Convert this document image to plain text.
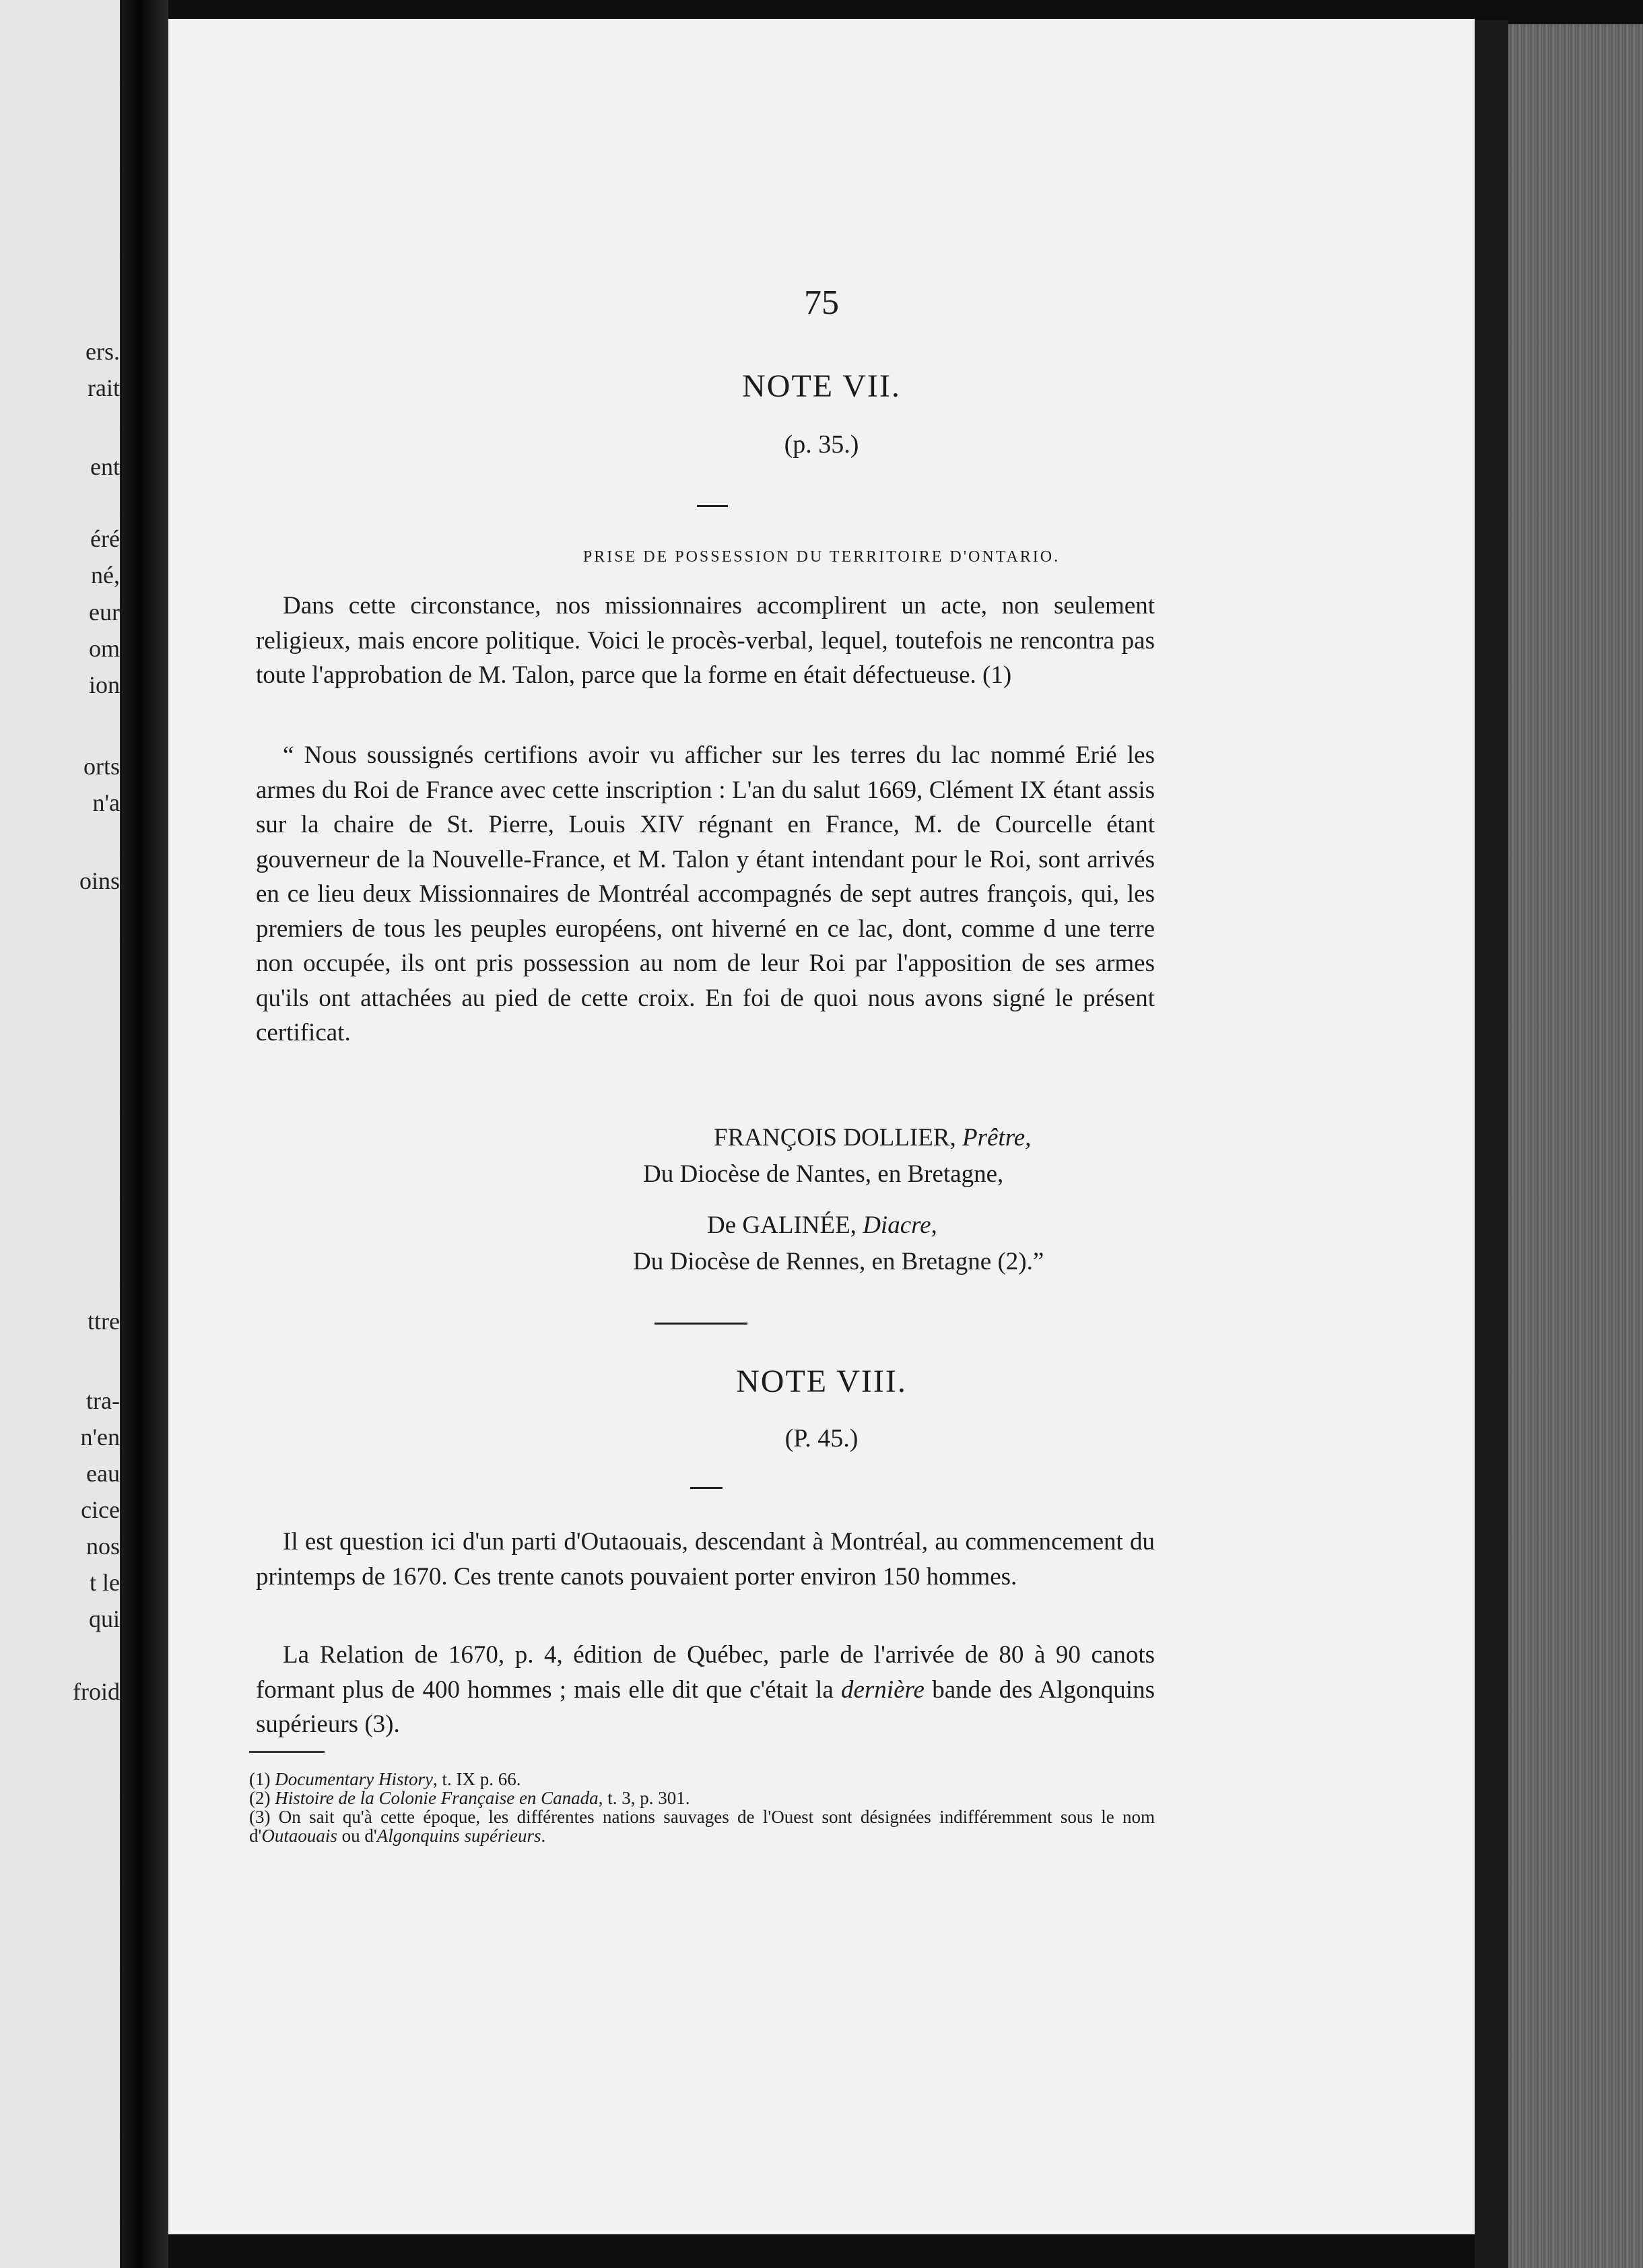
ers.
rait
ent
éré
né,
eur
om
ion
orts
n'a
oins
ttre
tra-
n'en
eau
cice
nos
t le
qui
froid
75
NOTE VII.
(p. 35.)
PRISE DE POSSESSION DU TERRITOIRE D'ONTARIO.
Dans cette circonstance, nos missionnaires accomplirent un acte, non seulement religieux, mais encore politique. Voici le procès-verbal, lequel, toutefois ne rencontra pas toute l'approbation de M. Talon, parce que la forme en était défectueuse. (1)
“ Nous soussignés certifions avoir vu afficher sur les terres du lac nommé Erié les armes du Roi de France avec cette inscription : L'an du salut 1669, Clément IX étant assis sur la chaire de St. Pierre, Louis XIV régnant en France, M. de Courcelle étant gouverneur de la Nouvelle-France, et M. Talon y étant intendant pour le Roi, sont arrivés en ce lieu deux Missionnaires de Montréal accompagnés de sept autres françois, qui, les premiers de tous les peuples européens, ont hiverné en ce lac, dont, comme d une terre non occupée, ils ont pris possession au nom de leur Roi par l'apposition de ses armes qu'ils ont attachées au pied de cette croix. En foi de quoi nous avons signé le présent certificat.
FRANÇOIS DOLLIER, Prêtre,
Du Diocèse de Nantes, en Bretagne,
De GALINÉE, Diacre,
Du Diocèse de Rennes, en Bretagne (2).”
NOTE VIII.
(P. 45.)
Il est question ici d'un parti d'Outaouais, descendant à Montréal, au commencement du printemps de 1670. Ces trente canots pouvaient porter environ 150 hommes.
La Relation de 1670, p. 4, édition de Québec, parle de l'arrivée de 80 à 90 canots formant plus de 400 hommes ; mais elle dit que c'était la dernière bande des Algonquins supérieurs (3).

(1) Documentary History, t. IX p. 66.

(2) Histoire de la Colonie Française en Canada, t. 3, p. 301.

(3) On sait qu'à cette époque, les différentes nations sauvages de l'Ouest sont désignées indifféremment sous le nom d'Outaouais ou d'Algonquins supérieurs.
